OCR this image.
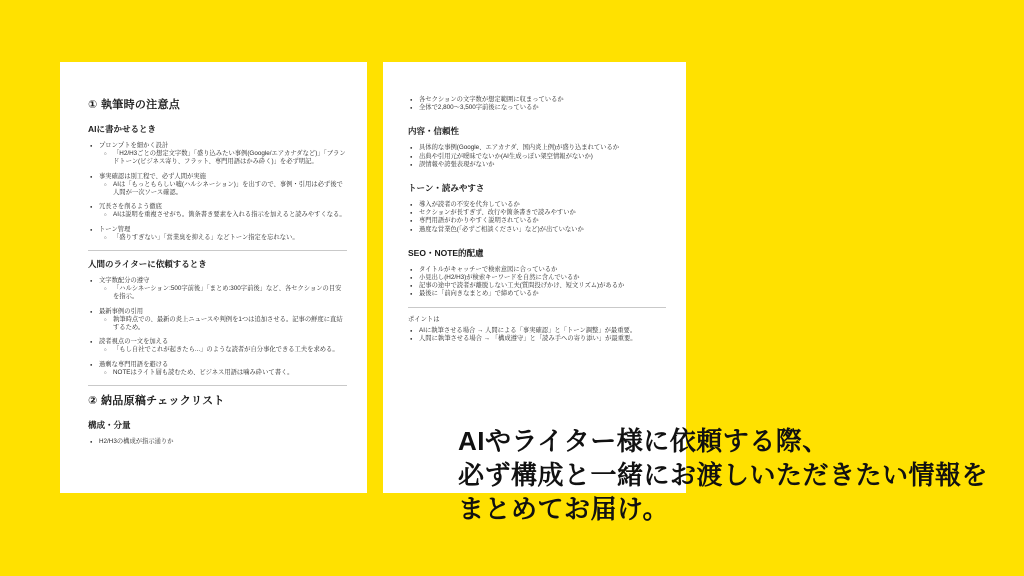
① 執筆時の注意点
AIに書かせるとき
●	プロンプトを細かく設計
○ 「H2/H3ごとの想定文字数」「盛り込みたい事例(Google/エアカナダなど)」「ブランドトーン(ビジネス寄り、フラット、専門用語はかみ砕く)」を必ず明記。
●	事実確認は別工程で、必ず人間が実施
○ AIは「もっともらしい嘘(ハルシネーション)」を出すので、事例・引用は必ず後で人間が一次ソース確認。
●	冗長さを削るよう徹底
○ AIは説明を重複させがち。箇条書き要素を入れる指示を加えると読みやすくなる。
●	トーン管理
○ 「盛りすぎない」「営業臭を抑える」などトーン指定を忘れない。
人間のライターに依頼するとき
●	文字数配分の遵守
○ 「ハルシネーション:500字前後」「まとめ:300字前後」など、各セクションの目安を指示。
●	最新事例の引用
○ 執筆時点での、最新の炎上ニュースや判例を1つは追加させる。記事の鮮度に直結するため。
●	読者視点の一文を加える
○ 「もし自社でこれが起きたら...」のような読者が自分事化できる工夫を求める。
●	過剰な専門用語を避ける
○ NOTEはライト層も読むため、ビジネス用語は噛み砕いて書く。
② 納品原稿チェックリスト
構成・分量
●	H2/H3の構成が指示通りか
●	各セクションの文字数が想定範囲に収まっているか
●	全体で2,800〜3,500字前後になっているか
内容・信頼性
●	具体的な事例(Google、エアカナダ、国内炎上例)が盛り込まれているか
●	出典や引用元が曖昧でないか(AI生成っぽい架空情報がないか)
●	誤情報や誇張表現がないか
トーン・読みやすさ
●	導入が読者の不安を代弁しているか
●	セクションが長すぎず、改行や箇条書きで読みやすいか
●	専門用語がわかりやすく説明されているか
●	過度な営業色(「必ずご相談ください」など)が出ていないか
SEO・NOTE的配慮
●	タイトルがキャッチーで検索意図に合っているか
●	小見出し(H2/H3)が検索キーワードを自然に含んでいるか
●	記事の途中で読者が離脱しない工夫(質問投げかけ、短文リズム)があるか
●	最後に「前向きなまとめ」で締めているか
ポイントは
●	AIに執筆させる場合 → 人間による「事実確認」と「トーン調整」が最重要。
●	人間に執筆させる場合 → 「構成遵守」と「読み手への寄り添い」が最重要。
AIやライター様に依頼する際、
必ず構成と一緒にお渡しいただきたい情報を
まとめてお届け。
